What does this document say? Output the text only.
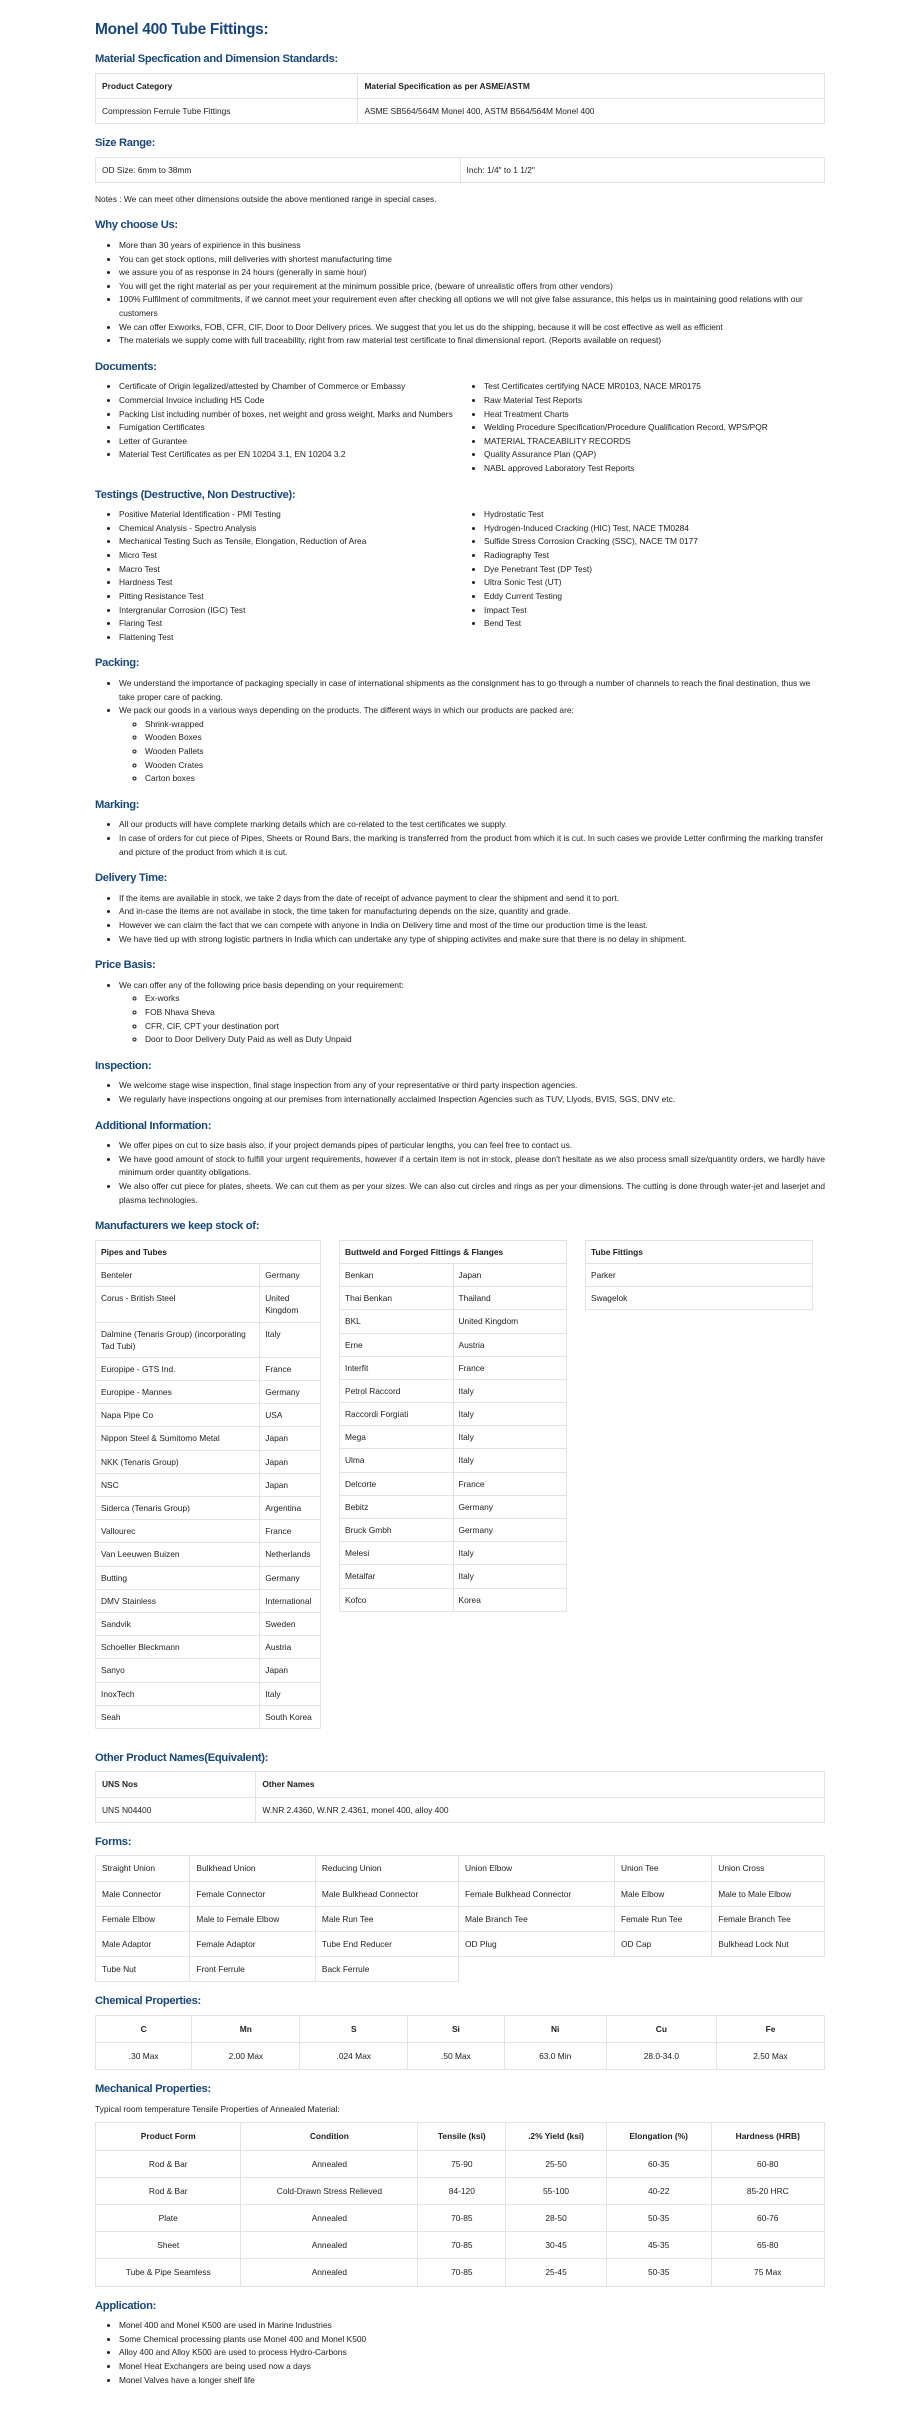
Monel 400 Tube Fittings:
Material Specfication and Dimension Standards:
Product Category	Material Specification as per ASME/ASTM
Compression Ferrule Tube Fittings	ASME SB564/564M Monel 400, ASTM B564/564M Monel 400
Size Range:
OD Size: 6mm to 38mm	Inch: 1/4" to 1 1/2"

Notes : We can meet other dimensions outside the above mentioned range in special cases.

Why choose Us:
• More than 30 years of expirience in this business
• You can get stock options, mill deliveries with shortest manufacturing time
• we assure you of as response in 24 hours (generally in same hour)
• You will get the right material as per your requirement at the minimum possible price, (beware of unrealistic offers from other vendors)
• 100% Fulfilment of commitments, if we cannot meet your requirement even after checking all options we will not give false assurance, this helps us in maintaining good relations with our customers
• We can offer Exworks, FOB, CFR, CIF, Door to Door Delivery prices. We suggest that you let us do the shipping, because it will be cost effective as well as efficient
• The materials we supply come with full traceability, right from raw material test certificate to final dimensional report. (Reports available on request)
Documents:
• Certificate of Origin legalized/attested by Chamber of Commerce or Embassy
• Commercial Invoice including HS Code
• Packing List including number of boxes, net weight and gross weight, Marks and Numbers
• Fumigation Certificates
• Letter of Gurantee
• Material Test Certificates as per EN 10204 3.1, EN 10204 3.2
• Test Certificates certifying NACE MR0103, NACE MR0175
• Raw Material Test Reports
• Heat Treatment Charts
• Welding Procedure Specification/Procedure Qualification Record, WPS/PQR
• MATERIAL TRACEABILITY RECORDS
• Quality Assurance Plan (QAP)
• NABL approved Laboratory Test Reports
Testings (Destructive, Non Destructive):
• Positive Material Identification - PMI Testing
• Chemical Analysis - Spectro Analysis
• Mechanical Testing Such as Tensile, Elongation, Reduction of Area
• Micro Test
• Macro Test
• Hardness Test
• Pitting Resistance Test
• Intergranular Corrosion (IGC) Test
• Flaring Test
• Flattening Test
• Hydrostatic Test
• Hydrogen-Induced Cracking (HIC) Test, NACE TM0284
• Sulfide Stress Corrosion Cracking (SSC), NACE TM 0177
• Radiography Test
• Dye Penetrant Test (DP Test)
• Ultra Sonic Test (UT)
• Eddy Current Testing
• Impact Test
• Bend Test
Packing:
• We understand the importance of packaging specially in case of international shipments as the consignment has to go through a number of channels to reach the final destination, thus we take proper care of packing.
• We pack our goods in a various ways depending on the products. The different ways in which our products are packed are:
◦ Shrink-wrapped
◦ Wooden Boxes
◦ Wooden Pallets
◦ Wooden Crates
◦ Carton boxes
Marking:
• All our products will have complete marking details which are co-related to the test certificates we supply.
• In case of orders for cut piece of Pipes, Sheets or Round Bars, the marking is transferred from the product from which it is cut. In such cases we provide Letter confirming the marking transfer and picture of the product from which it is cut.
Delivery Time:
• If the items are available in stock, we take 2 days from the date of receipt of advance payment to clear the shipment and send it to port.
• And in-case the items are not availabe in stock, the time taken for manufacturing depends on the size, quantity and grade.
• However we can claim the fact that we can compete with anyone in India on Delivery time and most of the time our production time is the least.
• We have tied up with strong logistic partners in India which can undertake any type of shipping activites and make sure that there is no delay in shipment.
Price Basis:
• We can offer any of the following price basis depending on your requirement:
◦ Ex-works
◦ FOB Nhava Sheva
◦ CFR, CIF, CPT your destination port
◦ Door to Door Delivery Duty Paid as well as Duty Unpaid
Inspection:
• We welcome stage wise inspection, final stage inspection from any of your representative or third party inspection agencies.
• We regularly have inspections ongoing at our premises from internationally acclaimed Inspection Agencies such as TUV, Llyods, BVIS, SGS, DNV etc.
Additional Information:
• We offer pipes on cut to size basis also, if your project demands pipes of particular lengths, you can feel free to contact us.
• We have good amount of stock to fulfill your urgent requirements, however if a certain item is not in stock, please don't hesitate as we also process small size/quantity orders, we hardly have minimum order quantity obligations.
• We also offer cut piece for plates, sheets. We can cut them as per your sizes. We can also cut circles and rings as per your dimensions. The cutting is done through water-jet and laserjet and plasma technologies.
Manufacturers we keep stock of:
Pipes and Tubes	
Benteler	Germany
Corus - British Steel	United Kingdom
Dalmine (Tenaris Group) (incorporating Tad Tubi)	Italy
Europipe - GTS Ind.	France
Europipe - Mannes	Germany
Napa Pipe Co	USA
Nippon Steel & Sumitomo Metal	Japan
NKK (Tenaris Group)	Japan
NSC	Japan
Siderca (Tenaris Group)	Argentina
Vallourec	France
Van Leeuwen Buizen	Netherlands
Butting	Germany
DMV Stainless	International
Sandvik	Sweden
Schoeller Bleckmann	Austria
Sanyo	Japan
InoxTech	Italy
Seah	South Korea
Buttweld and Forged Fittings & Flanges	
Benkan	Japan
Thai Benkan	Thailand
BKL	United Kingdom
Erne	Austria
Interfit	France
Petrol Raccord	Italy
Raccordi Forgiati	Italy
Mega	Italy
Ulma	Italy
Delcorte	France
Bebitz	Germany
Bruck Gmbh	Germany
Melesi	Italy
Metalfar	Italy
Kofco	Korea
Tube Fittings
Parker
Swagelok
Other Product Names(Equivalent):
UNS Nos	Other Names
UNS N04400	W.NR 2.4360, W.NR 2.4361, monel 400, alloy 400
Forms:
Straight Union	Bulkhead Union	Reducing Union	Union Elbow	Union Tee	Union Cross
Male Connector	Female Connector	Male Bulkhead Connector	Female Bulkhead Connector	Male Elbow	Male to Male Elbow
Female Elbow	Male to Female Elbow	Male Run Tee	Male Branch Tee	Female Run Tee	Female Branch Tee
Male Adaptor	Female Adaptor	Tube End Reducer	OD Plug	OD Cap	Bulkhead Lock Nut
Tube Nut	Front Ferrule	Back Ferrule			
Chemical Properties:
C	Mn	S	Si	Ni	Cu	Fe
.30 Max	2.00 Max	.024 Max	.50 Max	63.0 Min	28.0-34.0	2.50 Max
Mechanical Properties:

Typical room temperature Tensile Properties of Annealed Material:

Product Form	Condition	Tensile (ksi)	.2% Yield (ksi)	Elongation (%)	Hardness (HRB)
Rod & Bar	Annealed	75-90	25-50	60-35	60-80
Rod & Bar	Cold-Drawn Stress Relieved	84-120	55-100	40-22	85-20 HRC
Plate	Annealed	70-85	28-50	50-35	60-76
Sheet	Annealed	70-85	30-45	45-35	65-80
Tube & Pipe Seamless	Annealed	70-85	25-45	50-35	75 Max
Application:
• Monel 400 and Monel K500 are used in Marine Industries
• Some Chemical processing plants use Monel 400 and Monel K500
• Alloy 400 and Alloy K500 are used to process Hydro-Carbons
• Monel Heat Exchangers are being used now a days
• Monel Valves have a longer shelf life
